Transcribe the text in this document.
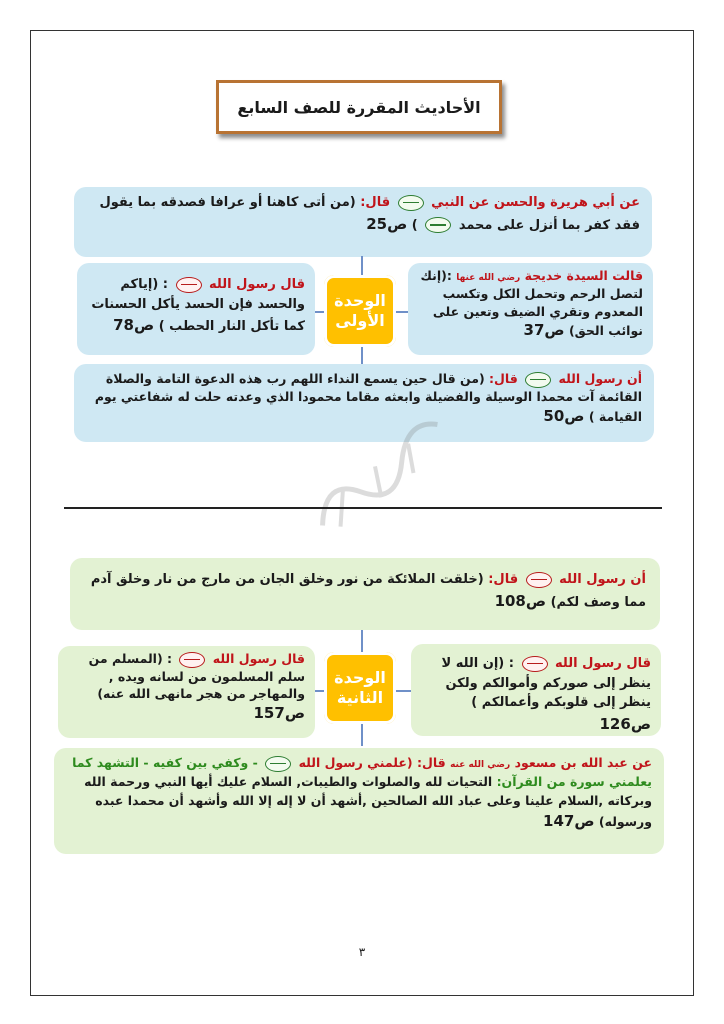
الأحاديث المقررة للصف السابع
عن أبي هريرة والحسن عن النبي  قال: (من أتى كاهنا أو عرافا فصدقه بما يقول فقد كفر بما أنزل على محمد  ) ص25
قالت السيدة خديجة رضي الله عنها :(إنك لتصل الرحم وتحمل الكل وتكسب المعدوم وتقري الضيف وتعين على نوائب الحق) ص37
قال رسول الله  : (إياكم والحسد فإن الحسد يأكل الحسنات كما تأكل النار الحطب ) ص78
الوحدة
الأولى
أن رسول الله  قال: (من قال حين يسمع النداء اللهم رب هذه الدعوة التامة والصلاة القائمة آت محمدا الوسيلة والفضيلة وابعثه مقاما محمودا الذي وعدته حلت له شفاعتي يوم القيامة ) ص50
أن رسول الله  قال: (خلقت الملائكة من نور وخلق الجان من مارج من نار وخلق آدم مما وصف لكم) ص108
قال رسول الله  : (إن الله لا ينظر إلى صوركم وأموالكم ولكن ينظر إلى قلوبكم وأعمالكم ) ص126
قال رسول الله  : (المسلم من سلم المسلمون من لسانه ويده , والمهاجر من هجر مانهى الله عنه) ص157
الوحدة
الثانية
عن عبد الله بن مسعود رضي الله عنه قال: (علمني رسول الله  - وكفي بين كفيه - التشهد كما يعلمني سورة من القرآن: التحيات لله والصلوات والطيبات, السلام عليك أيها النبي ورحمة الله وبركاته ,السلام علينا وعلى عباد الله الصالحين ,أشهد أن لا إله إلا الله وأشهد أن محمدا عبده ورسوله) ص147
٣
